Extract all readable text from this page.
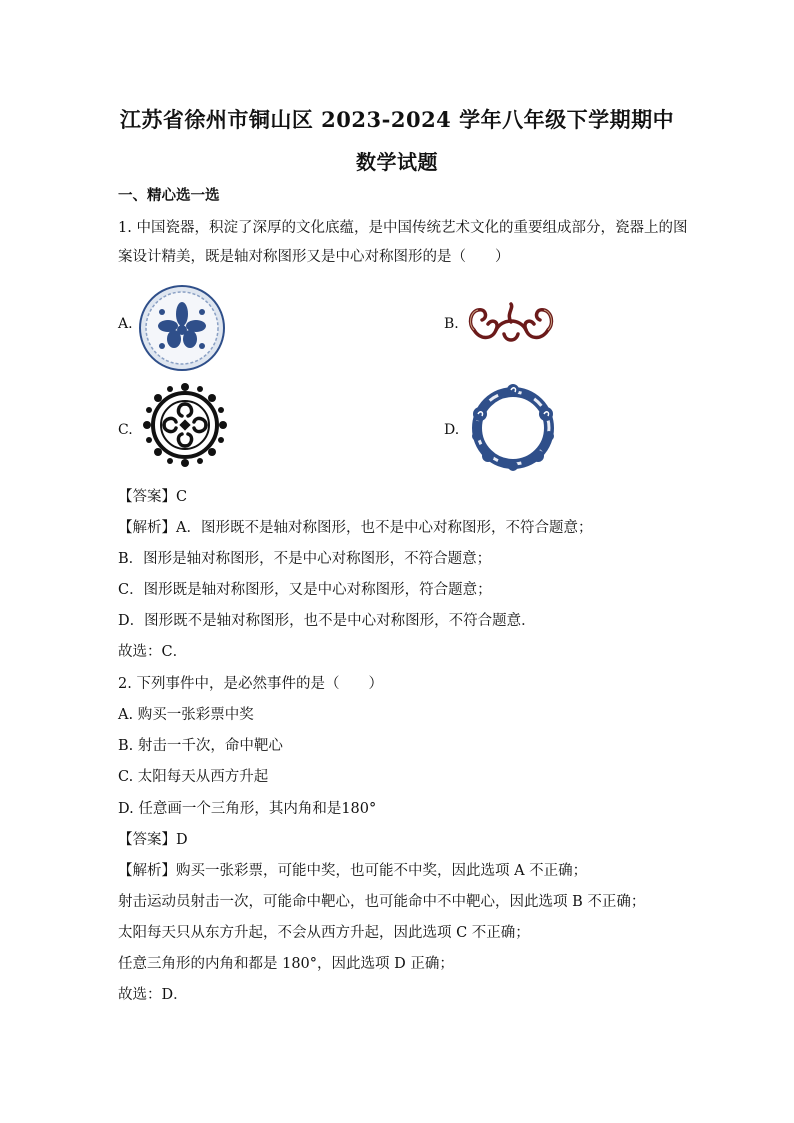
江苏省徐州市铜山区 2023-2024 学年八年级下学期期中
数学试题
一、精心选一选
1. 中国瓷器，积淀了深厚的文化底蕴，是中国传统艺术文化的重要组成部分，瓷器上的图
案设计精美，既是轴对称图形又是中心对称图形的是（　　）
A.	B.
C.	D.
【答案】C
【解析】A．图形既不是轴对称图形，也不是中心对称图形，不符合题意；
B．图形是轴对称图形，不是中心对称图形，不符合题意；
C．图形既是轴对称图形，又是中心对称图形，符合题意；
D．图形既不是轴对称图形，也不是中心对称图形，不符合题意．
故选：C．
2. 下列事件中，是必然事件的是（　　）
A. 购买一张彩票中奖
B. 射击一千次，命中靶心
C. 太阳每天从西方升起
D. 任意画一个三角形，其内角和是180°
【答案】D
【解析】购买一张彩票，可能中奖，也可能不中奖，因此选项 A 不正确；
射击运动员射击一次，可能命中靶心，也可能命中不中靶心，因此选项 B 不正确；
太阳每天只从东方升起，不会从西方升起，因此选项 C 不正确；
任意三角形的内角和都是 180°，因此选项 D 正确；
故选：D．
